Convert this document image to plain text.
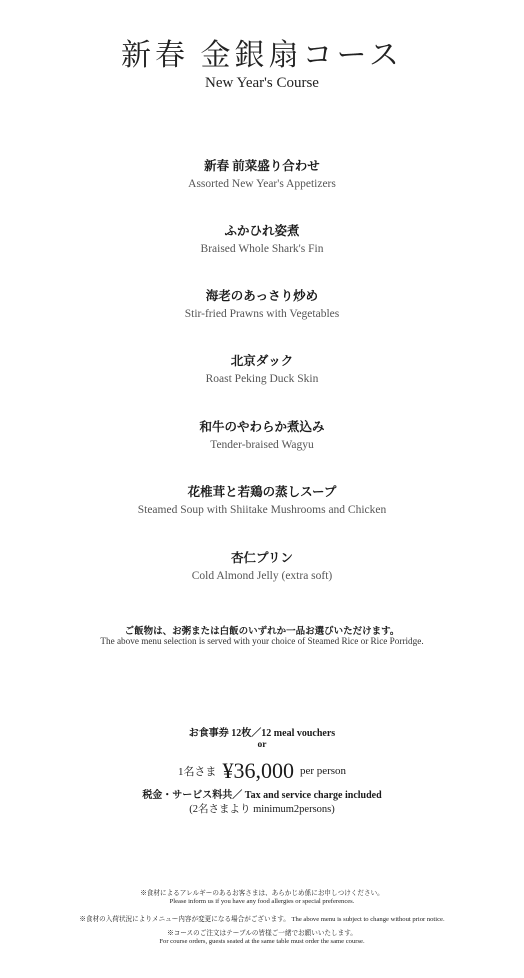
新春 金銀扇コース
New Year's Course
新春 前菜盛り合わせ
Assorted New Year's Appetizers
ふかひれ姿煮
Braised Whole Shark's Fin
海老のあっさり炒め
Stir-fried Prawns with Vegetables
北京ダック
Roast Peking Duck Skin
和牛のやわらか煮込み
Tender-braised Wagyu
花椎茸と若鶏の蒸しスープ
Steamed Soup with Shiitake Mushrooms and Chicken
杏仁プリン
Cold Almond Jelly (extra soft)
ご飯物は、お粥または白飯のいずれか一品お選びいただけます。
The above menu selection is served with your choice of Steamed Rice or Rice Porridge.
お食事券 12枚／12 meal vouchers
or
1名さま ¥36,000 per person
税金・サービス料共／ Tax and service charge included
(2名さまより minimum2persons)
※食材によるアレルギーのあるお客さまは、あらかじめ係にお申しつけください。
Please inform us if you have any food allergies or special preferences.
※食材の入荷状況によりメニュー内容が変更になる場合がございます。 The above menu is subject to change without prior notice.
※コースのご注文はテーブルの皆様ご一緒でお願いいたします。
For course orders, guests seated at the same table must order the same course.
